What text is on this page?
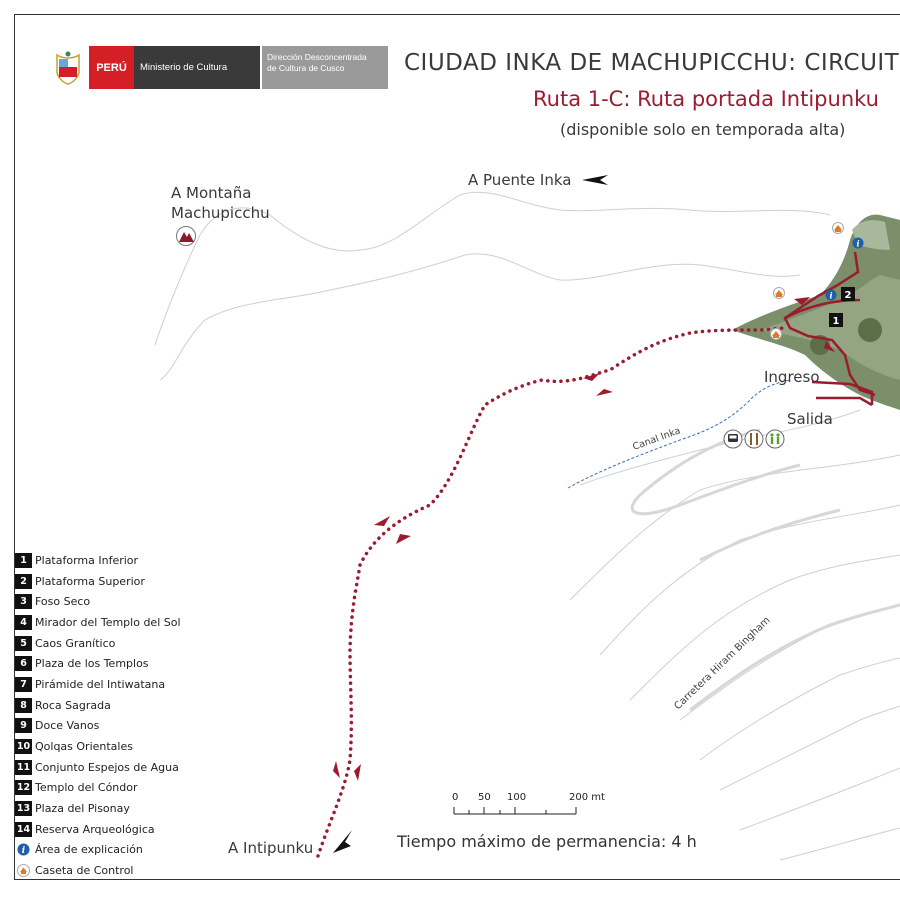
1
2
i
i
Canal Inka
Carretera Hiram Bingham
PERÚ	Ministerio de Cultura
Dirección Desconcentrada
de Cultura de Cusco	CIUDAD INKA DE MACHUPICCHU: CIRCUIT
Ruta 1-C: Ruta portada Intipunku
(disponible solo en temporada alta)
A Montaña
Machupicchu
A Puente Inka
Ingreso
Salida
A Intipunku
1 Plataforma Inferior
2 Plataforma Superior
3 Foso Seco
4 Mirador del Templo del Sol
5 Caos Granítico
6 Plaza de los Templos
7 Pirámide del Intiwatana
8 Roca Sagrada
9 Doce Vanos
10 Qolqas Orientales
11 Conjunto Espejos de Agua
12 Templo del Cóndor
13 Plaza del Pisonay
14 Reserva Arqueológica
i Área de explicación
Caseta de Control
0 50 100	200 mt
Tiempo máximo de permanencia: 4 h
